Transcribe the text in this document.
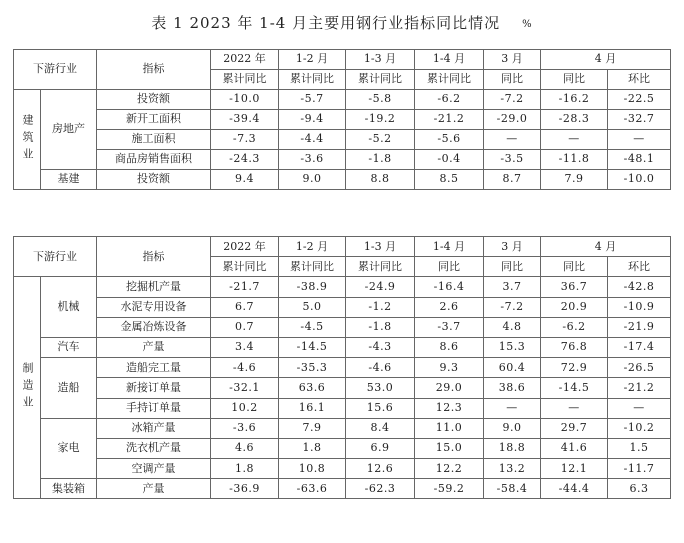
表 1 2023 年 1-4 月主要用钢行业指标同比情况 %
下游行业		指标	2022 年	1-2 月	1-3 月	1-4 月	3 月	4 月	
			累计同比	累计同比	累计同比	累计同比	同比	同比	环比
建筑业	房地产	投资额	-10.0	-5.7	-5.8	-6.2	-7.2	-16.2	-22.5
		新开工面积	-39.4	-9.4	-19.2	-21.2	-29.0	-28.3	-32.7
		施工面积	-7.3	-4.4	-5.2	-5.6	—	—	—
		商品房销售面积	-24.3	-3.6	-1.8	-0.4	-3.5	-11.8	-48.1
	基建	投资额	9.4	9.0	8.8	8.5	8.7	7.9	-10.0
下游行业		指标	2022 年	1-2 月	1-3 月	1-4 月	3 月	4 月	
			累计同比	累计同比	累计同比	同比	同比	同比	环比
制造业	机械	挖掘机产量	-21.7	-38.9	-24.9	-16.4	3.7	36.7	-42.8
		水泥专用设备	6.7	5.0	-1.2	2.6	-7.2	20.9	-10.9
		金属冶炼设备	0.7	-4.5	-1.8	-3.7	4.8	-6.2	-21.9
	汽车	产量	3.4	-14.5	-4.3	8.6	15.3	76.8	-17.4
	造船	造船完工量	-4.6	-35.3	-4.6	9.3	60.4	72.9	-26.5
		新接订单量	-32.1	63.6	53.0	29.0	38.6	-14.5	-21.2
		手持订单量	10.2	16.1	15.6	12.3	—	—	—
	家电	冰箱产量	-3.6	7.9	8.4	11.0	9.0	29.7	-10.2
		洗衣机产量	4.6	1.8	6.9	15.0	18.8	41.6	1.5
		空调产量	1.8	10.8	12.6	12.2	13.2	12.1	-11.7
	集装箱	产量	-36.9	-63.6	-62.3	-59.2	-58.4	-44.4	6.3
